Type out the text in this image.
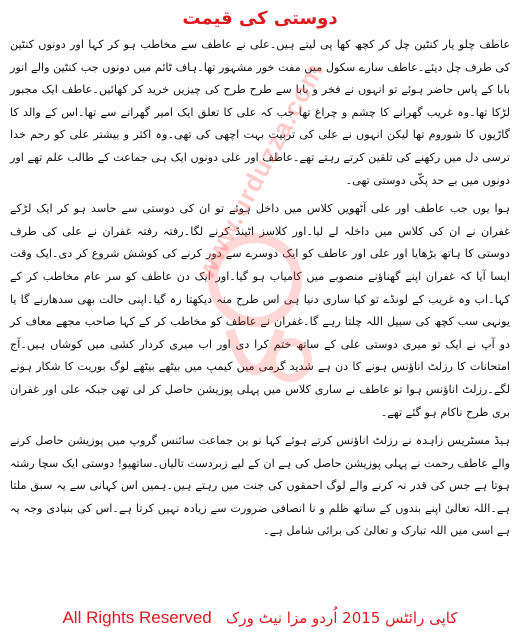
دوستی کی قیمت

عاطف چلو یار کنٹین چل کر کچھ کھا پی لیتے ہیں۔علی نے عاطف سے مخاطب ہو کر کہا اور دونوں کنٹین کی طرف چل دیئے۔عاطف سارے سکول میں مفت خور مشہور تھا۔ہاف ٹائم میں دونوں جب کنٹین والے انور بابا کے پاس حاضر ہوئے تو انہوں نے فخر و بابا سے طرح طرح کی چیزیں خرید کر کھائیں۔عاطف ایک مجبور لڑکا تھا۔وہ غریب گھرانے کا چشم و چراغ تھا جب کہ علی کا تعلق ایک امیر گھرانے سے تھا۔اس کے والد کا گاڑیوں کا شوروم تھا لیکن انہوں نے علی کی تربیت بہت اچھی کی تھی۔وہ اکثر و بیشتر علی کو رحم خدا ترسی دل میں رکھنے کی تلقین کرتے رہتے تھے۔عاطف اور علی دونوں ایک ہی جماعت کے طالب علم تھے اور دونوں میں بے حد پکّی دوستی تھی۔

ہوا یوں جب عاطف اور علی آٹھویں کلاس میں داخل ہوئے تو ان کی دوستی سے حاسد ہو کر ایک لڑکے غفران نے ان کی کلاس میں داخلہ لے لیا۔اور کلاسز اٹینڈ کرنے لگا۔رفتہ رفتہ غفران نے علی کی طرف دوستی کا ہاتھ بڑھایا اور علی اور عاطف کو ایک دوسرے سے دور کرنے کی کوشش شروع کر دی۔ایک وقت ایسا آیا کہ غفران اپنے گھناؤنے منصوبے میں کامیاب ہو گیا۔اور ایک دن عاطف کو سر عام مخاطب کر کے کہا۔اب وہ غریب کے لونڈے تو کیا ساری دنیا ہی اس طرح منہ دیکھتا رہ گیا۔اپنی حالت بھی سدھارنے گا یا یونہی سب کچھ کی سبیل اللہ چلتا رہے گا۔غفران نے عاطف کو مخاطب کر کے کہا صاحب مجھے معاف کر دو آپ نے ایک تو میری دوستی علی کے ساتھ ختم کرا دی اور اب میری کردار کشی میں کوشاں ہیں۔آج امتحانات کا رزلٹ اناؤنس ہونے کا دن ہے شدید گرمی میں کیمپ میں بیٹھے بیٹھے لوگ بوریت کا شکار ہونے لگے۔رزلٹ اناؤنس ہوا تو عاطف نے ساری کلاس میں پہلی پوزیشن حاصل کر لی تھی جبکہ علی اور غفران بری طرح ناکام ہو گئے تھے۔

ہیڈ مسٹریس زاہدہ نے رزلٹ اناؤنس کرتے ہوئے کہا نو ین جماعت سائنس گروپ میں پوزیشن حاصل کرنے والے عاطف رحمت نے پہلی پوزیشن حاصل کی ہے ان کے لیے زبردست تالیاں۔ساتھیو! دوستی ایک سچا رشتہ ہوتا ہے جس کی قدر نہ کرنے والے لوگ احمقوں کی جنت میں رہتے ہیں۔ہمیں اس کہانی سے یہ سبق ملتا ہے۔اللہ تعالیٰ اپنے بندوں کے ساتھ ظلم و نا انصافی ضرورت سے زیادہ نہیں کرتا ہے۔اس کی بنیادی وجہ یہ ہے اسی میں اللہ تبارک و تعالیٰ کی برائی شامل ہے۔

www.urduzza.com
All Rights Reserved کاپی رائٹس 2015 اُردو مزا نیٹ ورک
